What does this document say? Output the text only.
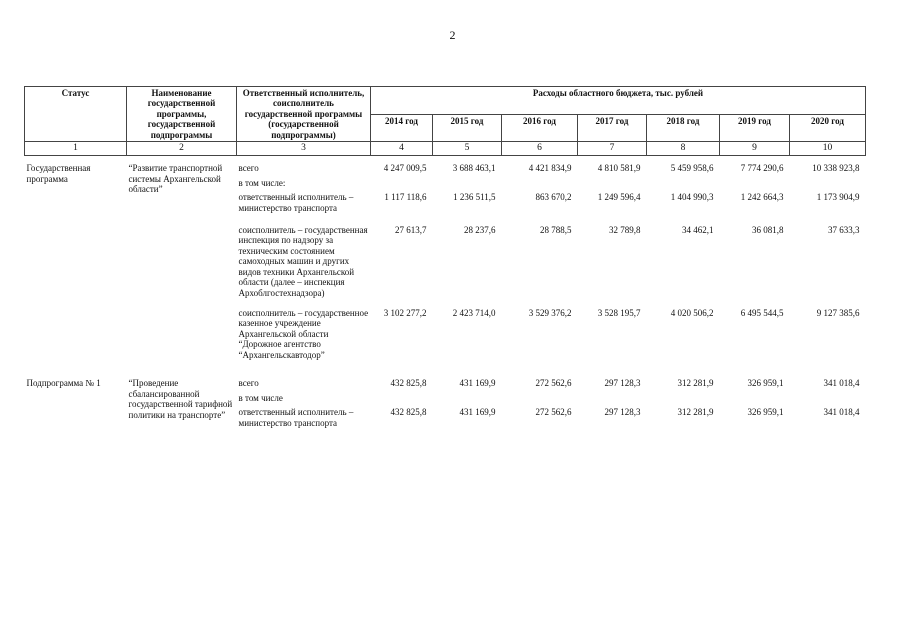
2
Статус	Наименование государственной программы, государственной подпрограммы	Ответственный исполнитель, соисполнитель государственной программы (государственной подпрограммы)	Расходы областного бюджета, тыс. рублей						
			2014 год	2015 год	2016 год	2017 год	2018 год	2019 год	2020 год
1	2	3	4	5	6	7	8	9	10

Государственная программа	“Развитие транспортной системы Архангельской области”	всего	4 247 009,5	3 688 463,1	4 421 834,9	4 810 581,9	5 459 958,6	7 774 290,6	10 338 923,8
		в том числе:							
		ответственный исполнитель – министерство транспорта	1 117 118,6	1 236 511,5	863 670,2	1 249 596,4	1 404 990,3	1 242 664,3	1 173 904,9
		соисполнитель – государственная инспекция по надзору за техническим состоянием самоходных машин и других видов техники Архангельской области (далее – инспекция Архоблгостехнадзора)	27 613,7	28 237,6	28 788,5	32 789,8	34 462,1	36 081,8	37 633,3
		соисполнитель – государственное казенное учреждение Архангельской области “Дорожное агентство “Архангельскавтодор”	3 102 277,2	2 423 714,0	3 529 376,2	3 528 195,7	4 020 506,2	6 495 544,5	9 127 385,6

Подпрограмма № 1	“Проведение сбалансированной государственной тарифной политики на транспорте”	всего	432 825,8	431 169,9	272 562,6	297 128,3	312 281,9	326 959,1	341 018,4
		в том числе							
		ответственный исполнитель – министерство транспорта	432 825,8	431 169,9	272 562,6	297 128,3	312 281,9	326 959,1	341 018,4
